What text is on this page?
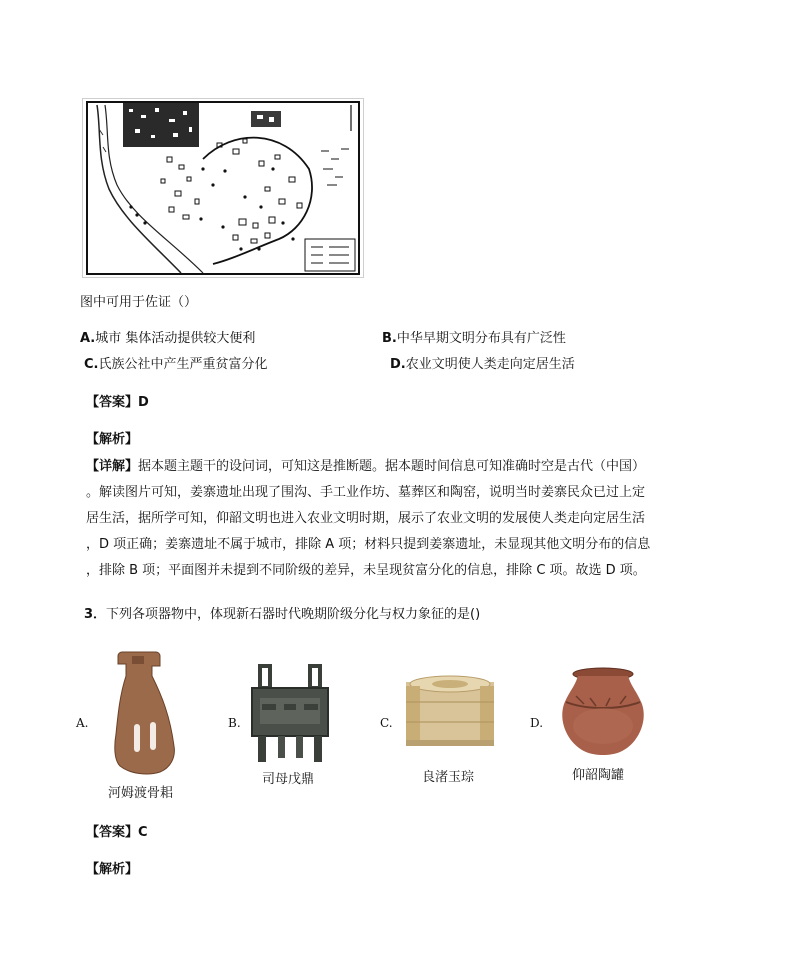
图中可用于佐证（）
A.城市 集体活动提供较大便利	B.中华早期文明分布具有广泛性
C.氏族公社中产生严重贫富分化	D.农业文明使人类走向定居生活
【答案】D
【解析】
【详解】据本题主题干的设问词，可知这是推断题。据本题时间信息可知准确时空是古代（中国）
。解读图片可知，姜寨遗址出现了围沟、手工业作坊、墓葬区和陶窑，说明当时姜寨民众已过上定
居生活，据所学可知，仰韶文明也进入农业文明时期，展示了农业文明的发展使人类走向定居生活
，D 项正确；姜寨遗址不属于城市，排除 A 项；材料只提到姜寨遗址，未显现其他文明分布的信息
，排除 B 项；平面图并未提到不同阶级的差异，未呈现贫富分化的信息，排除 C 项。故选 D 项。
3．下列各项器物中，体现新石器时代晚期阶级分化与权力象征的是()
A.
河姆渡骨耜
B.
司母戊鼎
C.
良渚玉琮
D.
仰韶陶罐
【答案】C
【解析】
